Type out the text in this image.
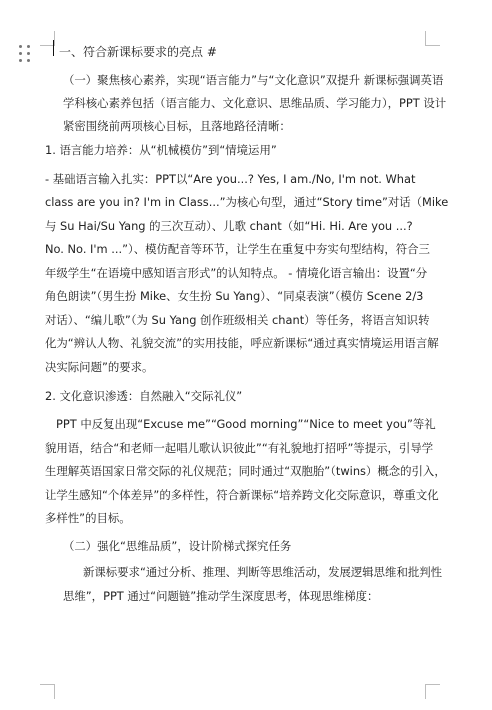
一、符合新课标要求的亮点 #
（一）聚焦核心素养，实现“语言能力”与“文化意识”双提升 新课标强调英语
学科核心素养包括（语言能力、文化意识、思维品质、学习能力），PPT 设计
紧密围绕前两项核心目标，且落地路径清晰：
1. 语言能力培养：从“机械模仿”到“情境运用”
- 基础语言输入扎实：PPT以“Are you...? Yes, I am./No, I'm not. What
class are you in? I'm in Class...”为核心句型，通过“Story time”对话（Mike
与 Su Hai/Su Yang 的三次互动）、儿歌 chant（如“Hi. Hi. Are you ...?
No. No. I'm ...”）、模仿配音等环节，让学生在重复中夯实句型结构，符合三
年级学生“在语境中感知语言形式”的认知特点。 - 情境化语言输出：设置“分
角色朗读”（男生扮 Mike、女生扮 Su Yang）、“同桌表演”（模仿 Scene 2/3
对话）、“编儿歌”（为 Su Yang 创作班级相关 chant）等任务，将语言知识转
化为“辨认人物、礼貌交流”的实用技能，呼应新课标“通过真实情境运用语言解
决实际问题”的要求。
2. 文化意识渗透：自然融入“交际礼仪”
PPT 中反复出现“Excuse me”“Good morning”“Nice to meet you”等礼
貌用语，结合“和老师一起唱儿歌认识彼此”“有礼貌地打招呼”等提示，引导学
生理解英语国家日常交际的礼仪规范；同时通过“双胞胎”（twins）概念的引入，
让学生感知“个体差异”的多样性，符合新课标“培养跨文化交际意识，尊重文化
多样性”的目标。
（二）强化“思维品质”，设计阶梯式探究任务
新课标要求“通过分析、推理、判断等思维活动，发展逻辑思维和批判性
思维”，PPT 通过“问题链”推动学生深度思考，体现思维梯度：
